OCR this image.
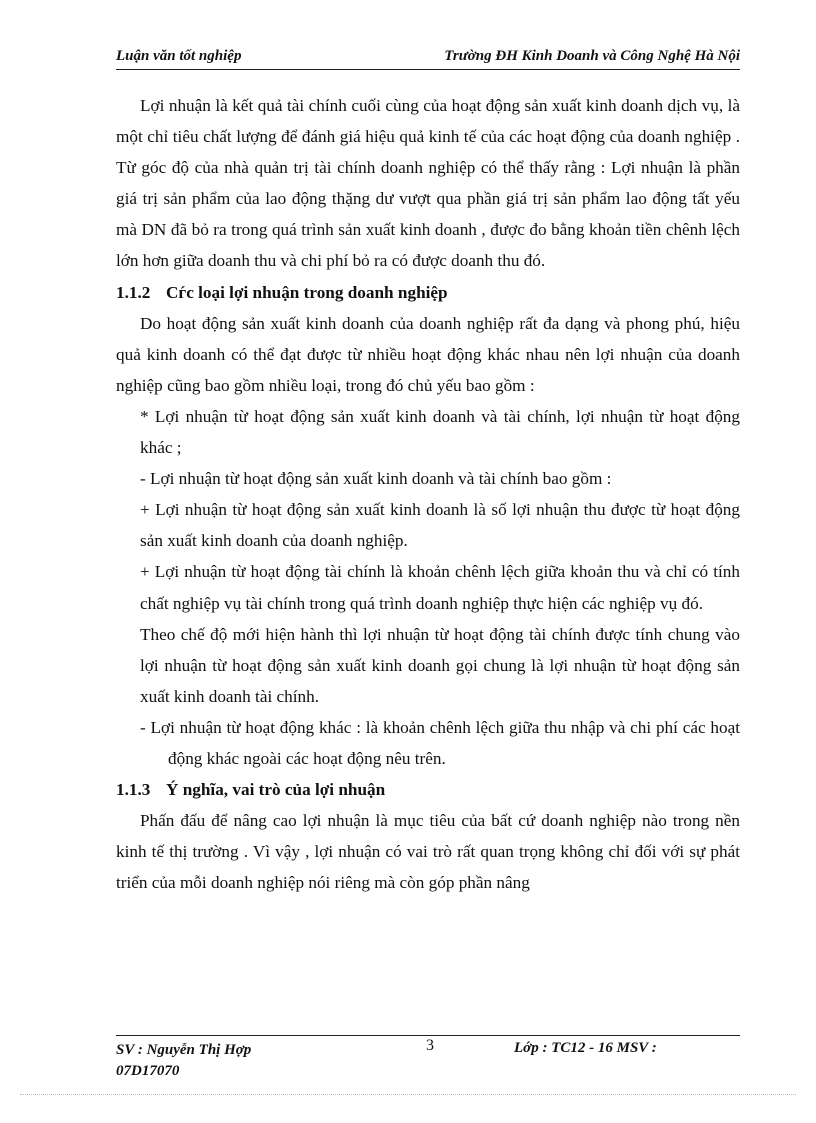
Luận văn tốt nghiệp	Trường ĐH Kinh Doanh và Công Nghệ Hà Nội

Lợi nhuận là kết quả tài chính cuối cùng của hoạt động sản xuất kinh doanh dịch vụ, là một chỉ tiêu chất lượng để đánh giá hiệu quả kinh tế của các hoạt động của doanh nghiệp . Từ góc độ của nhà quản trị tài chính doanh nghiệp có thể thấy rằng : Lợi nhuận là phần giá trị sản phẩm của lao động thặng dư vượt qua phần giá trị sản phẩm lao động tất yếu mà DN đã bỏ ra trong quá trình sản xuất kinh doanh , được đo bằng khoản tiền chênh lệch lớn hơn giữa doanh thu và chi phí bỏ ra có được doanh thu đó.

1.1.2 Cѓc loại lợi nhuận trong doanh nghiệp

Do hoạt động sản xuất kinh doanh của doanh nghiệp rất đa dạng và phong phú, hiệu quả kinh doanh có thể đạt được từ nhiều hoạt động khác nhau nên lợi nhuận của doanh nghiệp cũng bao gồm nhiều loại, trong đó chủ yếu bao gồm :

* Lợi nhuận từ hoạt động sản xuất kinh doanh và tài chính, lợi nhuận từ hoạt động khác ;

- Lợi nhuận từ hoạt động sản xuất kinh doanh và tài chính bao gồm :

+ Lợi nhuận từ hoạt động sản xuất kinh doanh là số lợi nhuận thu được từ hoạt động sản xuất kinh doanh của doanh nghiệp.

+ Lợi nhuận từ hoạt động tài chính là khoản chênh lệch giữa khoản thu và chỉ có tính chất nghiệp vụ tài chính trong quá trình doanh nghiệp thực hiện các nghiệp vụ đó.

Theo chế độ mới hiện hành thì lợi nhuận từ hoạt động tài chính được tính chung vào lợi nhuận từ hoạt động sản xuất kinh doanh gọi chung là lợi nhuận từ hoạt động sản xuất kinh doanh tài chính.

- Lợi nhuận từ hoạt động khác : là khoản chênh lệch giữa thu nhập và chi phí các hoạt động khác ngoài các hoạt động nêu trên.

1.1.3 Ý nghĩa, vai trò của lợi nhuận

Phấn đấu để nâng cao lợi nhuận là mục tiêu của bất cứ doanh nghiệp nào trong nền kinh tế thị trường . Vì vậy , lợi nhuận có vai trò rất quan trọng không chỉ đối với sự phát triển của mỗi doanh nghiệp nói riêng mà còn góp phần nâng

SV : Nguyễn Thị Hợp 07D17070
3	Lớp : TC12 - 16 MSV :
